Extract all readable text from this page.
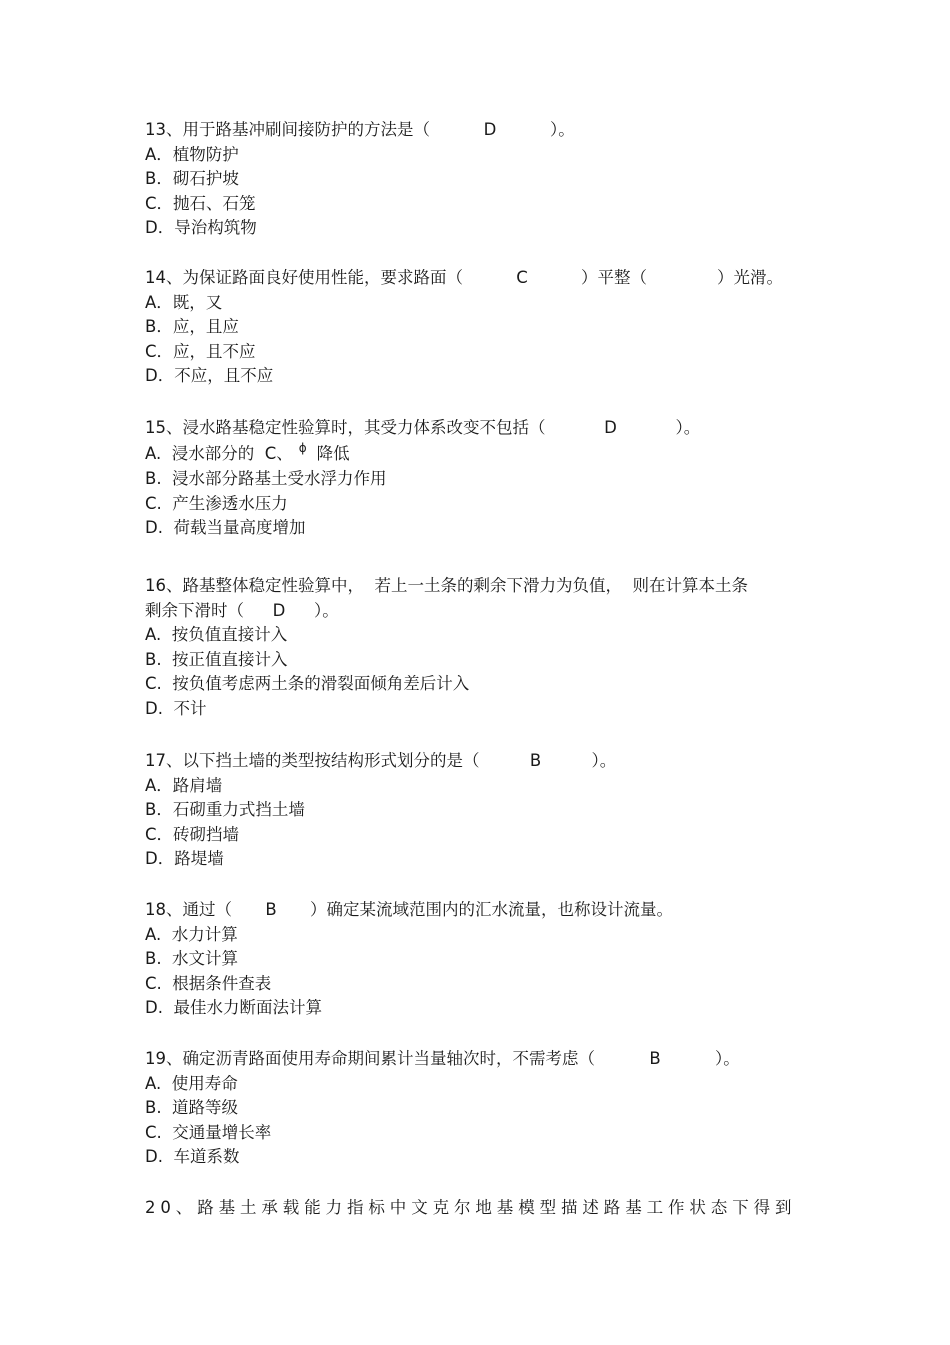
13、用于路基冲刷间接防护的方法是（	D	）。
A．植物防护
B．砌石护坡
C．抛石、石笼
D．导治构筑物
14、为保证路面良好使用性能，要求路面（	C	）平整（	）光滑。
A．既，又
B．应，且应
C．应，且不应
D．不应，且不应
15、浸水路基稳定性验算时，其受力体系改变不包括（	D	）。
A.  浸水部分的  C、 $^\phi$ 降低
B.  浸水部分路基土受水浮力作用
C.  产生渗透水压力
D.  荷载当量高度增加
16、路基整体稳定性验算中，  若上一土条的剩余下滑力为负值，  则在计算本土条
剩余下滑时（ D ）。
A.  按负值直接计入
B.  按正值直接计入
C.  按负值考虑两土条的滑裂面倾角差后计入
D.  不计
17、以下挡土墙的类型按结构形式划分的是（	B	）。
A．路肩墙
B．石砌重力式挡土墙
C．砖砌挡墙
D．路堤墙
18、通过（ B ）确定某流域范围内的汇水流量，也称设计流量。
A.  水力计算
B.  水文计算
C.  根据条件查表
D.  最佳水力断面法计算
19、确定沥青路面使用寿命期间累计当量轴次时，不需考虑（	B	）。
A.  使用寿命
B.  道路等级
C.  交通量增长率
D.  车道系数
20、路基土承载能力指标中文克尔地基模型描述路基工作状态下得到
